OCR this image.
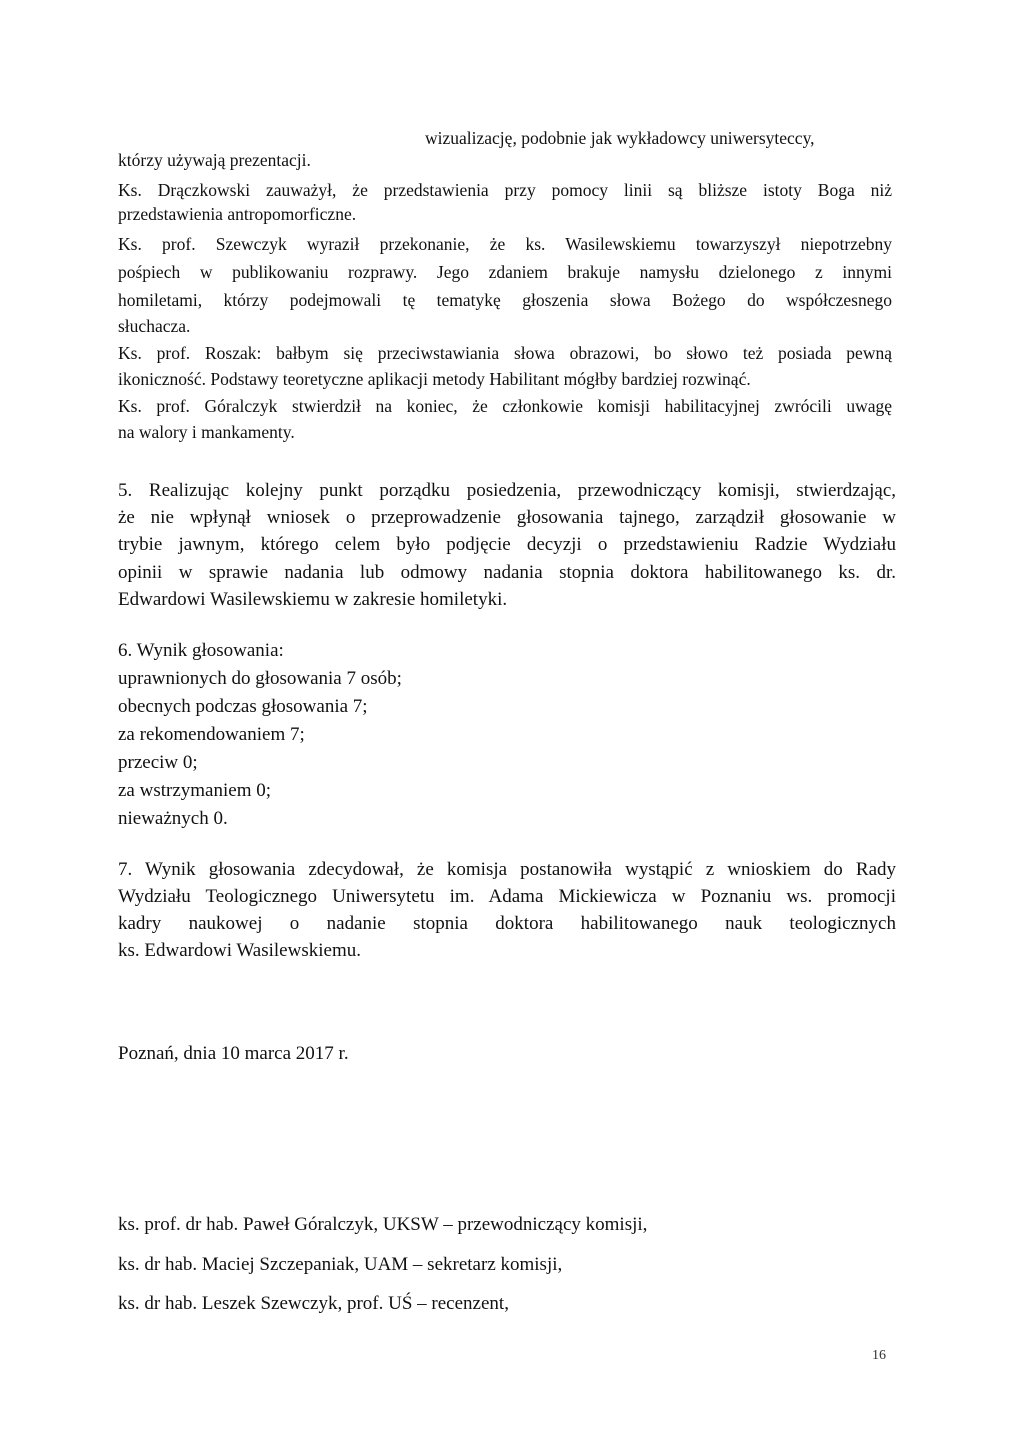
wizualizację, podobnie jak wykładowcy uniwersyteccy,
którzy używają prezentacji.
Ks. Drączkowski zauważył, że przedstawienia przy pomocy linii są bliższe istoty Boga niż
przedstawienia antropomorficzne.
Ks. prof. Szewczyk wyraził przekonanie, że ks. Wasilewskiemu towarzyszył niepotrzebny
pośpiech w publikowaniu rozprawy. Jego zdaniem brakuje namysłu dzielonego z innymi
homiletami, którzy podejmowali tę tematykę głoszenia słowa Bożego do współczesnego
słuchacza.
Ks. prof. Roszak: bałbym się przeciwstawiania słowa obrazowi, bo słowo też posiada pewną
ikoniczność. Podstawy teoretyczne aplikacji metody Habilitant mógłby bardziej rozwinąć.
Ks. prof. Góralczyk stwierdził na koniec, że członkowie komisji habilitacyjnej zwrócili uwagę
na walory i mankamenty.
5. Realizując kolejny punkt porządku posiedzenia, przewodniczący komisji, stwierdzając,
że nie wpłynął wniosek o przeprowadzenie głosowania tajnego, zarządził głosowanie w
trybie jawnym, którego celem było podjęcie decyzji o przedstawieniu Radzie Wydziału
opinii w sprawie nadania lub odmowy nadania stopnia doktora habilitowanego ks. dr.
Edwardowi Wasilewskiemu w zakresie homiletyki.
6. Wynik głosowania:
uprawnionych do głosowania 7 osób;
obecnych podczas głosowania 7;
za rekomendowaniem 7;
przeciw 0;
za wstrzymaniem 0;
nieważnych 0.
7. Wynik głosowania zdecydował, że komisja postanowiła wystąpić z wnioskiem do Rady
Wydziału Teologicznego Uniwersytetu im. Adama Mickiewicza w Poznaniu ws. promocji
kadry naukowej o nadanie stopnia doktora habilitowanego nauk teologicznych
ks. Edwardowi Wasilewskiemu.
Poznań, dnia 10 marca 2017 r.
ks. prof. dr hab. Paweł Góralczyk, UKSW – przewodniczący komisji,
ks. dr hab. Maciej Szczepaniak, UAM – sekretarz komisji,
ks. dr hab. Leszek Szewczyk, prof. UŚ – recenzent,
16
